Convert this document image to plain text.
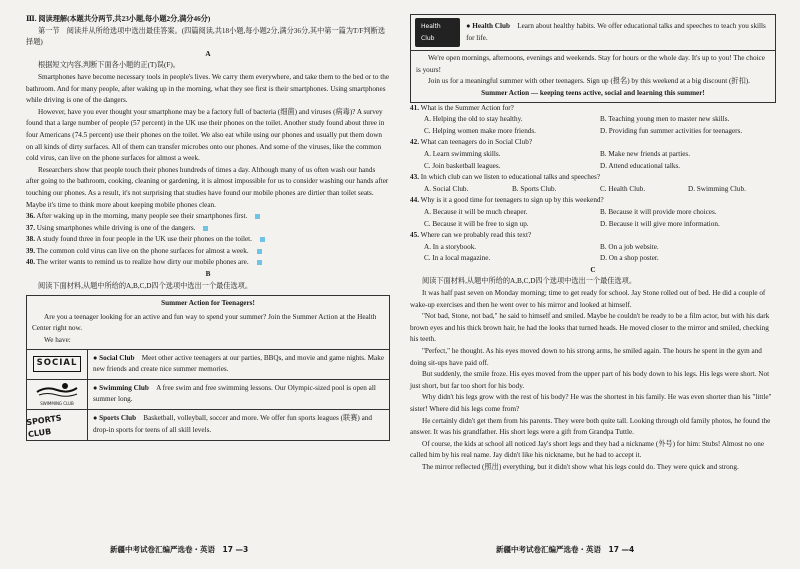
Ⅲ. 阅读理解(本题共分两节,共23小题,每小题2分,满分46分)

第一节　阅读并从所给选项中选出最佳答案。(四篇阅读,共18小题,每小题2分,满分36分,其中第一篇为T/F判断选择题)

A

根据短文内容,判断下面各小题的正(T)误(F)。

Smartphones have become necessary tools in people's lives. We carry them everywhere, and take them to the bed or to the bathroom. And for many people, after waking up in the morning, what they see first is their smartphones. Using smartphones while driving is one of the dangers.

However, have you ever thought your smartphone may be a factory full of bacteria (细菌) and viruses (病毒)? A survey found that a large number of people (57 percent) in the UK use their phones on the toilet. Another study found about three in four Americans (74.5 percent) use their phones on the toilet. We also eat while using our phones and usually put them down on all kinds of dirty surfaces. All of them can transfer microbes onto our phones. And some of the viruses, like the common cold virus, can live on the phone surfaces for almost a week.

Researchers show that people touch their phones hundreds of times a day. Although many of us often wash our hands after going to the bathroom, cooking, cleaning or gardening, it is almost impossible for us to consider washing our hands after touching our phones. As a result, it's not surprising that studies have found our mobile phones are dirtier than toilet seats. Maybe it's time to think more about keeping mobile phones clean.

36. After waking up in the morning, many people see their smartphones first.

37. Using smartphones while driving is one of the dangers.

38. A study found three in four people in the UK use their phones on the toilet.

39. The common cold virus can live on the phone surfaces for almost a week.

40. The writer wants to remind us to realize how dirty our mobile phones are.

B

阅读下面材料,从题中所给的A,B,C,D四个选项中选出一个最佳选项。

Summer Action for Teenagers!

Are you a teenager looking for an active and fun way to spend your summer? Join the Summer Action at the Health Center right now.

We have:

SOCIAL
● Social Club　 Meet other active teenagers at our parties, BBQs, and movie and game nights. Make new friends and create nice summer memories.
SWIMMING CLUB
● Swimming Club　 A free swim and free swimming lessons. Our Olympic-sized pool is open all summer long.
SPORTS CLUB
● Sports Club　 Basketball, volleyball, soccer and more. We offer fun sports leagues (联赛) and drop-in sports for teens of all skill levels.
新疆中考试卷汇编严选卷・英语　17 —3
Health Club
● Health Club　 Learn about healthy habits. We offer educational talks and speeches to teach you skills for life.

We're open mornings, afternoons, evenings and weekends. Stay for hours or the whole day. It's up to you! The choice is yours!

Join us for a meaningful summer with other teenagers. Sign up (报名) by this weekend at a big discount (折扣).

Summer Action — keeping teens active, social and learning this summer!

41. What is the Summer Action for?

A. Helping the old to stay healthy.	B. Teaching young men to master new skills.
C. Helping women make more friends.	D. Providing fun summer activities for teenagers.

42. What can teenagers do in Social Club?

A. Learn swimming skills.	B. Make new friends at parties.
C. Join basketball leagues.	D. Attend educational talks.

43. In which club can we listen to educational talks and speeches?

A. Social Club.	B. Sports Club.	C. Health Club.	D. Swimming Club.

44. Why is it a good time for teenagers to sign up by this weekend?

A. Because it will be much cheaper.	B. Because it will provide more choices.
C. Because it will be free to sign up.	D. Because it will give more information.

45. Where can we probably read this text?

A. In a storybook.	B. On a job website.
C. In a local magazine.	D. On a shop poster.

C

阅读下面材料,从题中所给的A,B,C,D四个选项中选出一个最佳选项。

It was half past seven on Monday morning; time to get ready for school. Jay Stone rolled out of bed. He did a couple of wake-up exercises and then he went over to his mirror and looked at himself.

"Not bad, Stone, not bad," he said to himself and smiled. Maybe he couldn't be ready to be a film actor, but with his dark brown eyes and his thick brown hair, he had the looks that turned heads. He moved closer to the mirror and smiled, checking his teeth.

"Perfect," he thought. As his eyes moved down to his strong arms, he smiled again. The hours he spent in the gym and doing sit-ups have paid off.

But suddenly, the smile froze. His eyes moved from the upper part of his body down to his legs. His legs were short. Not just short, but far too short for his body.

Why didn't his legs grow with the rest of his body? He was the shortest in his family. He was even shorter than his "little" sister! Where did his legs come from?

He certainly didn't get them from his parents. They were both quite tall. Looking through old family photos, he found the answer. It was his grandfather. His short legs were a gift from Grandpa Tuttle.

Of course, the kids at school all noticed Jay's short legs and they had a nickname (外号) for him: Stubs! Almost no one called him by his real name. Jay didn't like his nickname, but he had to accept it.

The mirror reflected (照出) everything, but it didn't show what his legs could do. They were quick and strong.

新疆中考试卷汇编严选卷・英语　17 —4
